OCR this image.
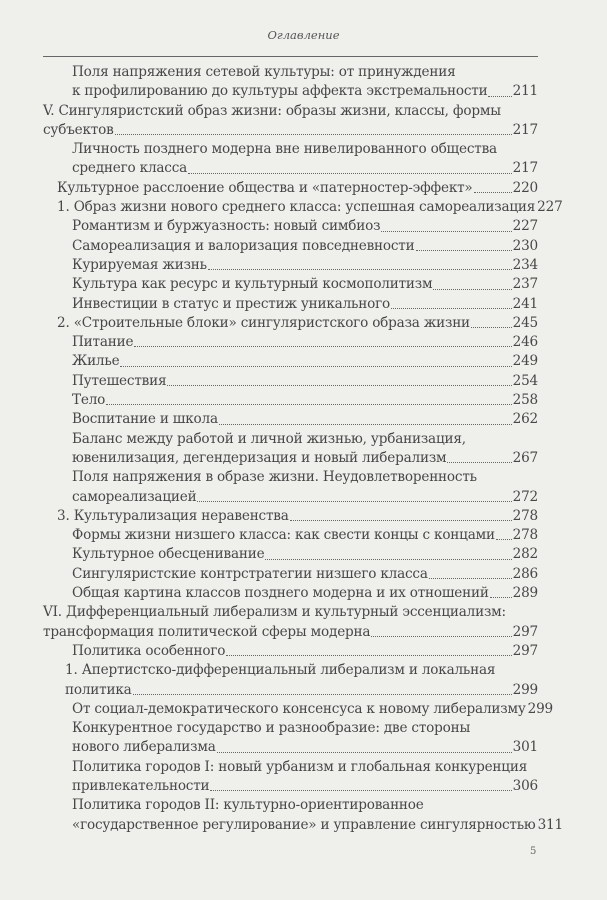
Оглавление
Поля напряжения сетевой культуры: от принуждения
к профилированию до культуры аффекта экстремальности 211
V. Сингуляристский образ жизни: образы жизни, классы, формы
субъектов	217
Личность позднего модерна вне нивелированного общества
среднего класса	217
Культурное расслоение общества и «патерностер-эффект»	220
1. Образ жизни нового среднего класса: успешная самореализация 227
Романтизм и буржуазность: новый симбиоз	227
Самореализация и валоризация повседневности	230
Курируемая жизнь	234
Культура как ресурс и культурный космополитизм	237
Инвестиции в статус и престиж уникального	241
2. «Строительные блоки» сингуляристского образа жизни	245
Питание	246
Жилье	249
Путешествия	254
Тело	258
Воспитание и школа	262
Баланс между работой и личной жизнью, урбанизация,
ювенилизация, дегендеризация и новый либерализм	267
Поля напряжения в образе жизни. Неудовлетворенность
самореализацией	272
3. Культурализация неравенства	278
Формы жизни низшего класса: как свести концы с концами 278
Культурное обесценивание	282
Сингуляристские контрстратегии низшего класса	286
Общая картина классов позднего модерна и их отношений 289
VI. Дифференциальный либерализм и культурный эссенциализм:
трансформация политической сферы модерна	297
Политика особенного	297
1. Апертистско-дифференциальный либерализм и локальная
политика	299
От социал-демократического консенсуса к новому либерализму 299
Конкурентное государство и разнообразие: две стороны
нового либерализма	301
Политика городов I: новый урбанизм и глобальная конкуренция
привлекательности	306
Политика городов II: культурно-ориентированное
«государственное регулирование» и управление сингулярностью 311
5
